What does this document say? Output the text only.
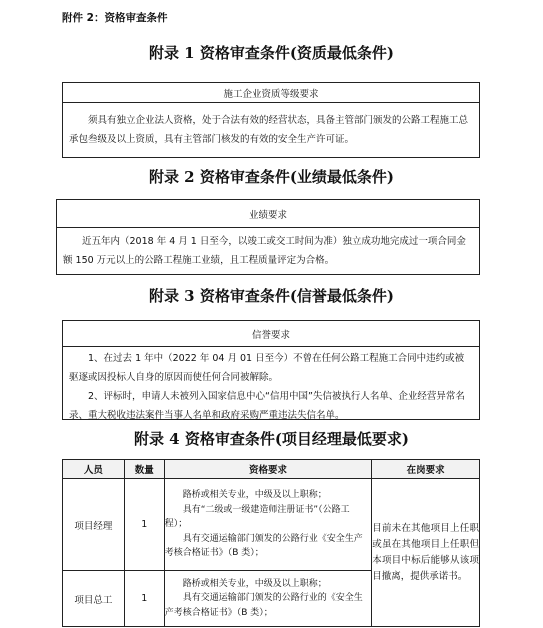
附件 2：资格审查条件
附录 1 资格审查条件(资质最低条件)
施工企业资质等级要求

须具有独立企业法人资格，处于合法有效的经营状态，具备主管部门颁发的公路工程施工总承包叁级及以上资质，具有主管部门核发的有效的安全生产许可证。

附录 2 资格审查条件(业绩最低条件)
业绩要求

近五年内（2018 年 4 月 1 日至今，以竣工或交工时间为准）独立成功地完成过一项合同金额 150 万元以上的公路工程施工业绩，且工程质量评定为合格。

附录 3 资格审查条件(信誉最低条件)
信誉要求

1、在过去 1 年中（2022 年 04 月 01 日至今）不曾在任何公路工程施工合同中违约或被驱逐或因投标人自身的原因而使任何合同被解除。

2、评标时，申请人未被列入国家信息中心“信用中国”失信被执行人名单、企业经营异常名录、重大税收违法案件当事人名单和政府采购严重违法失信名单。

附录 4 资格审查条件(项目经理最低要求)
人员	数量	资格要求	在岗要求
项目经理	1	路桥或相关专业，中级及以上职称；
具有“二级或一级建造师注册证书”（公路工程）；
具有交通运输部门颁发的公路行业《安全生产考核合格证书》（B 类）；	目前未在其他项目上任职或虽在其他项目上任职但本项目中标后能够从该项目撤离，提供承诺书。
项目总工	1	路桥或相关专业，中级及以上职称；
具有交通运输部门颁发的公路行业的《安全生产考核合格证书》（B 类）；	
